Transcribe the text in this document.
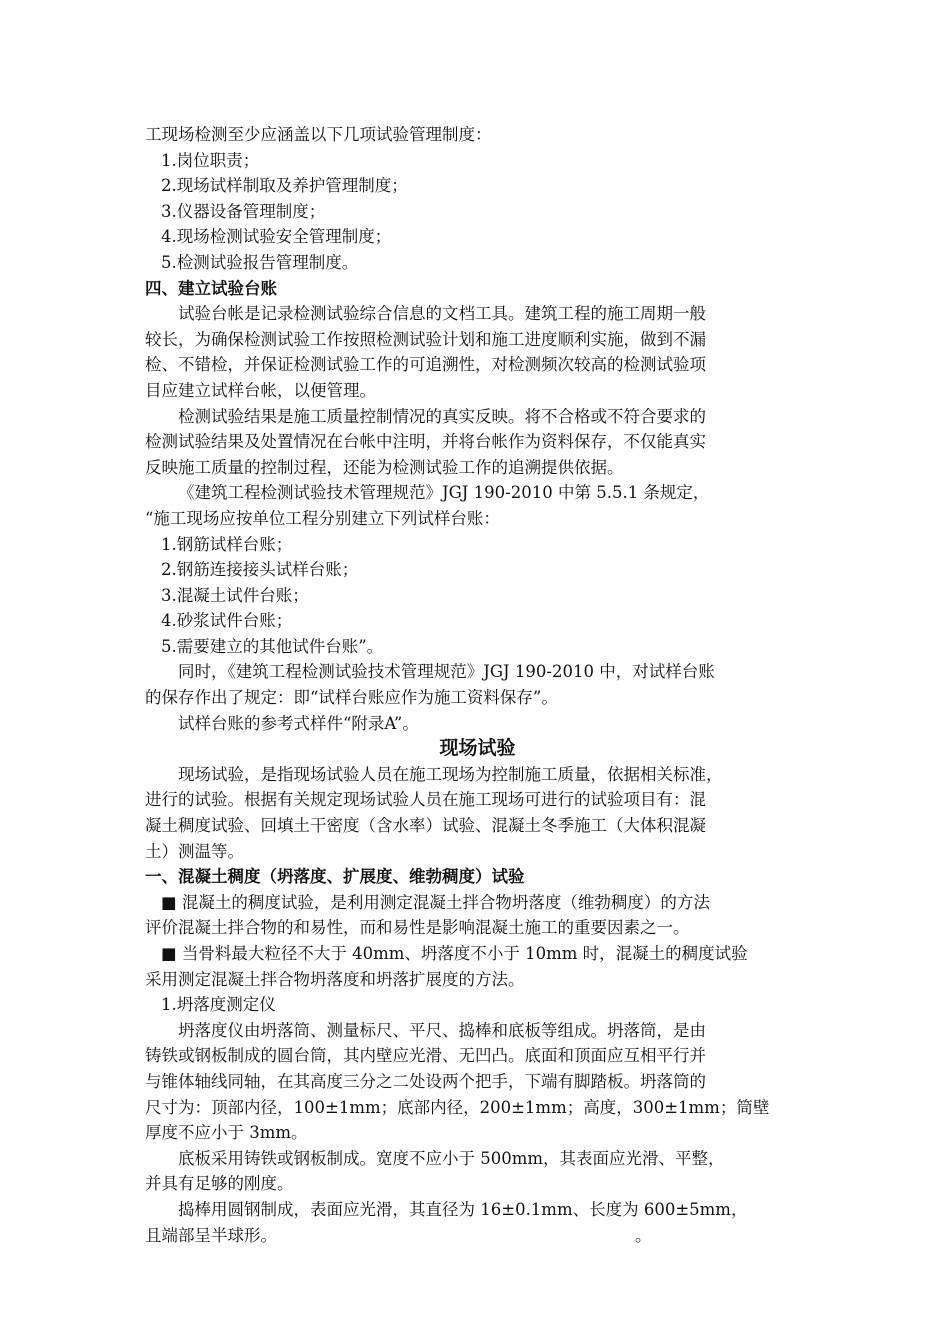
工现场检测至少应涵盖以下几项试验管理制度：
1.岗位职责；
2.现场试样制取及养护管理制度；
3.仪器设备管理制度；
4.现场检测试验安全管理制度；
5.检测试验报告管理制度。
四、建立试验台账
试验台帐是记录检测试验综合信息的文档工具。建筑工程的施工周期一般
较长，为确保检测试验工作按照检测试验计划和施工进度顺利实施，做到不漏
检、不错检，并保证检测试验工作的可追溯性，对检测频次较高的检测试验项
目应建立试样台帐，以便管理。
检测试验结果是施工质量控制情况的真实反映。将不合格或不符合要求的
检测试验结果及处置情况在台帐中注明，并将台帐作为资料保存，不仅能真实
反映施工质量的控制过程，还能为检测试验工作的追溯提供依据。
《建筑工程检测试验技术管理规范》JGJ 190-2010 中第 5.5.1 条规定，
“施工现场应按单位工程分别建立下列试样台账：
1.钢筋试样台账；
2.钢筋连接接头试样台账；
3.混凝土试件台账；
4.砂浆试件台账；
5.需要建立的其他试件台账”。
同时，《建筑工程检测试验技术管理规范》JGJ 190-2010 中，对试样台账
的保存作出了规定：即“试样台账应作为施工资料保存”。
试样台账的参考式样件“附录A”。
现场试验
现场试验，是指现场试验人员在施工现场为控制施工质量，依据相关标准，
进行的试验。根据有关规定现场试验人员在施工现场可进行的试验项目有：混
凝土稠度试验、回填土干密度（含水率）试验、混凝土冬季施工（大体积混凝
土）测温等。
一、混凝土稠度（坍落度、扩展度、维勃稠度）试验
■ 混凝土的稠度试验，是利用测定混凝土拌合物坍落度（维勃稠度）的方法
评价混凝土拌合物的和易性，而和易性是影响混凝土施工的重要因素之一。
■ 当骨料最大粒径不大于 40mm、坍落度不小于 10mm 时，混凝土的稠度试验
采用测定混凝土拌合物坍落度和坍落扩展度的方法。
1.坍落度测定仪
坍落度仪由坍落筒、测量标尺、平尺、捣棒和底板等组成。坍落筒，是由
铸铁或钢板制成的圆台筒，其内壁应光滑、无凹凸。底面和顶面应互相平行并
与锥体轴线同轴，在其高度三分之二处设两个把手，下端有脚踏板。坍落筒的
尺寸为：顶部内径，100±1mm；底部内径，200±1mm；高度，300±1mm；筒壁
厚度不应小于 3mm。
底板采用铸铁或钢板制成。宽度不应小于 500mm，其表面应光滑、平整，
并具有足够的刚度。
捣棒用圆钢制成，表面应光滑，其直径为 16±0.1mm、长度为 600±5mm，
且端部呈半球形。	。
